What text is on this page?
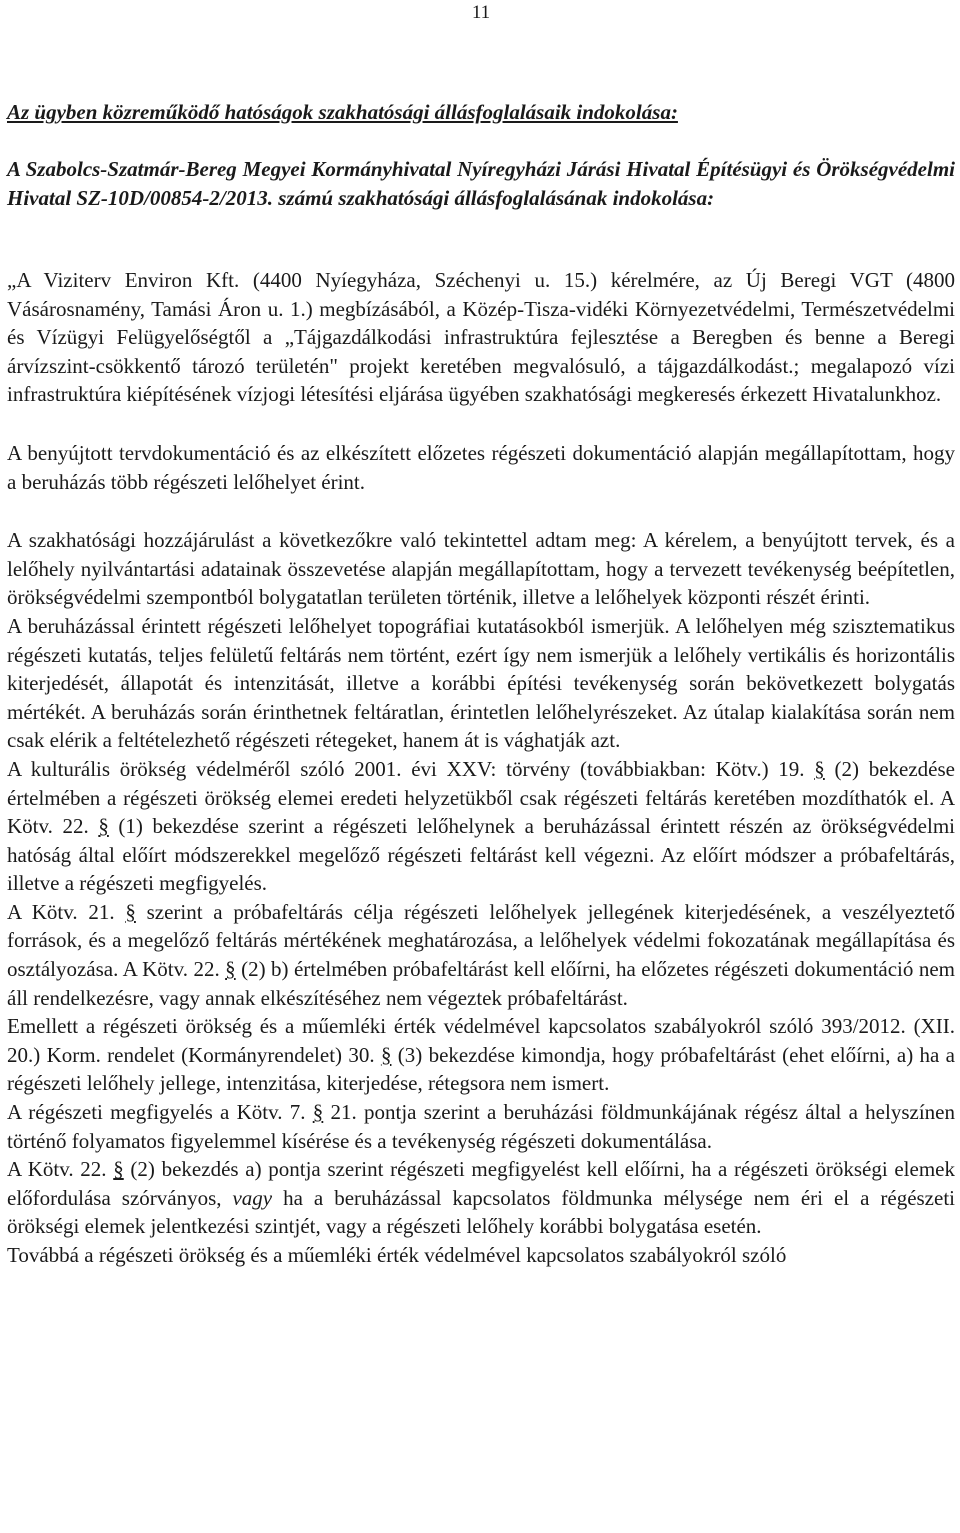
11
Az ügyben közreműködő hatóságok szakhatósági állásfoglalásaik indokolása:
A Szabolcs-Szatmár-Bereg Megyei Kormányhivatal Nyíregyházi Járási Hivatal Építésügyi és Örökségvédelmi Hivatal SZ-10D/00854-2/2013. számú szakhatósági állásfoglalásának indokolása:

„A Viziterv Environ Kft. (4400 Nyíegyháza, Széchenyi u. 15.) kérelmére, az Új Beregi VGT (4800 Vásárosnamény, Tamási Áron u. 1.) megbízásából, a Közép-Tisza-vidéki Környezetvédelmi, Természetvédelmi és Vízügyi Felügyelőségtől a „Tájgazdálkodási infrastruktúra fejlesztése a Beregben és benne a Beregi árvízszint-csökkentő tározó területén" projekt keretében megvalósuló, a tájgazdálkodást.; megalapozó vízi infrastruktúra kiépítésének vízjogi létesítési eljárása ügyében szakhatósági megkeresés érkezett Hivatalunkhoz.

A benyújtott tervdokumentáció és az elkészített előzetes régészeti dokumentáció alapján megállapítottam, hogy a beruházás több régészeti lelőhelyet érint.

A szakhatósági hozzájárulást a következőkre való tekintettel adtam meg: A kérelem, a benyújtott tervek, és a lelőhely nyilvántartási adatainak összevetése alapján megállapítottam, hogy a tervezett tevékenység beépítetlen, örökségvédelmi szempontból bolygatatlan területen történik, illetve a lelőhelyek központi részét érinti.

A beruházással érintett régészeti lelőhelyet topográfiai kutatásokból ismerjük. A lelőhelyen még szisztematikus régészeti kutatás, teljes felületű feltárás nem történt, ezért így nem ismerjük a lelőhely vertikális és horizontális kiterjedését, állapotát és intenzitását, illetve a korábbi építési tevékenység során bekövetkezett bolygatás mértékét. A beruházás során érinthetnek feltáratlan, érintetlen lelőhelyrészeket. Az útalap kialakítása során nem csak elérik a feltételezhető régészeti rétegeket, hanem át is vághatják azt.

A kulturális örökség védelméről szóló 2001. évi XXV: törvény (továbbiakban: Kötv.) 19. § (2) bekezdése értelmében a régészeti örökség elemei eredeti helyzetükből csak régészeti feltárás keretében mozdíthatók el. A Kötv. 22. § (1) bekezdése szerint a régészeti lelőhelynek a beruházással érintett részén az örökségvédelmi hatóság által előírt módszerekkel megelőző régészeti feltárást kell végezni. Az előírt módszer a próbafeltárás, illetve a régészeti megfigyelés.

A Kötv. 21. § szerint a próbafeltárás célja régészeti lelőhelyek jellegének kiterjedésének, a veszélyeztető források, és a megelőző feltárás mértékének meghatározása, a lelőhelyek védelmi fokozatának megállapítása és osztályozása. A Kötv. 22. § (2) b) értelmében próbafeltárást kell előírni, ha előzetes régészeti dokumentáció nem áll rendelkezésre, vagy annak elkészítéséhez nem végeztek próbafeltárást.

Emellett a régészeti örökség és a műemléki érték védelmével kapcsolatos szabályokról szóló 393/2012. (XII. 20.) Korm. rendelet (Kormányrendelet) 30. § (3) bekezdése kimondja, hogy próbafeltárást (ehet előírni, a) ha a régészeti lelőhely jellege, intenzitása, kiterjedése, rétegsora nem ismert.

A régészeti megfigyelés a Kötv. 7. § 21. pontja szerint a beruházási földmunkájának régész által a helyszínen történő folyamatos figyelemmel kísérése és a tevékenység régészeti dokumentálása.

A Kötv. 22. § (2) bekezdés a) pontja szerint régészeti megfigyelést kell előírni, ha a régészeti örökségi elemek előfordulása szórványos, vagy ha a beruházással kapcsolatos földmunka mélysége nem éri el a régészeti örökségi elemek jelentkezési szintjét, vagy a régészeti lelőhely korábbi bolygatása esetén.

Továbbá a régészeti örökség és a műemléki érték védelmével kapcsolatos szabályokról szóló
